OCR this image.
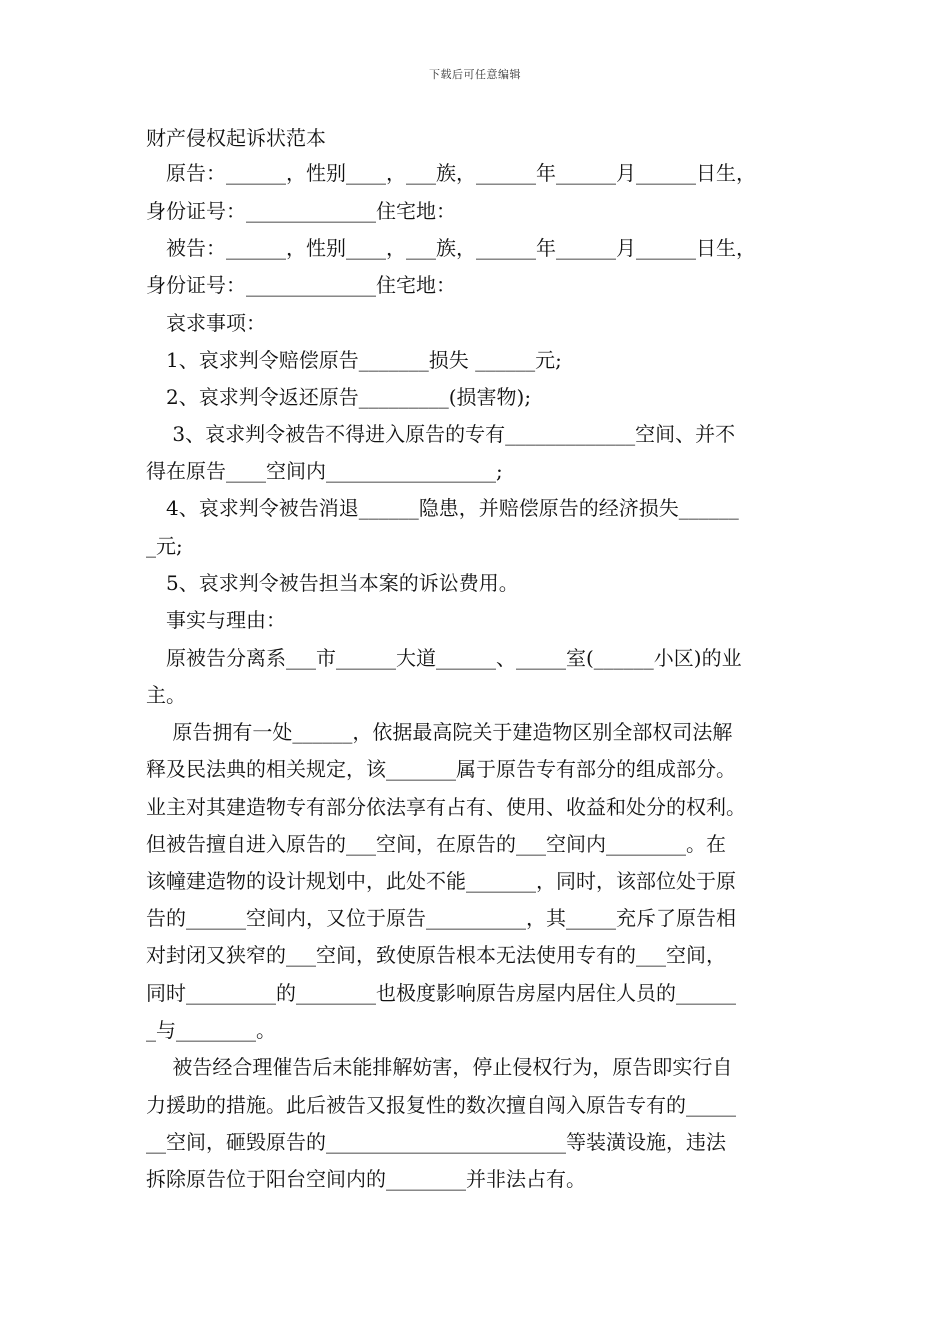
下载后可任意编辑
财产侵权起诉状范本
原告：______，性别____，___族，______年______月______日生，
身份证号：_____________住宅地：
被告：______，性别____，___族，______年______月______日生，
身份证号：_____________住宅地：
哀求事项：
1、哀求判令赔偿原告_______损失 ______元;
2、哀求判令返还原告_________(损害物);
3、哀求判令被告不得进入原告的专有_____________空间、并不
得在原告____空间内_________________;
4、哀求判令被告消退______隐患，并赔偿原告的经济损失______
_元;
5、哀求判令被告担当本案的诉讼费用。
事实与理由：
原被告分离系___市______大道______、_____室(______小区)的业
主。
原告拥有一处______，依据最高院关于建造物区别全部权司法解
释及民法典的相关规定，该_______属于原告专有部分的组成部分。
业主对其建造物专有部分依法享有占有、使用、收益和处分的权利。
但被告擅自进入原告的___空间，在原告的___空间内________。在
该幢建造物的设计规划中，此处不能_______，同时，该部位处于原
告的______空间内，又位于原告__________，其_____充斥了原告相
对封闭又狭窄的___空间，致使原告根本无法使用专有的___空间，
同时_________的________也极度影响原告房屋内居住人员的______
_与________。
被告经合理催告后未能排解妨害，停止侵权行为，原告即实行自
力援助的措施。此后被告又报复性的数次擅自闯入原告专有的_____
__空间，砸毁原告的________________________等装潢设施，违法
拆除原告位于阳台空间内的________并非法占有。
